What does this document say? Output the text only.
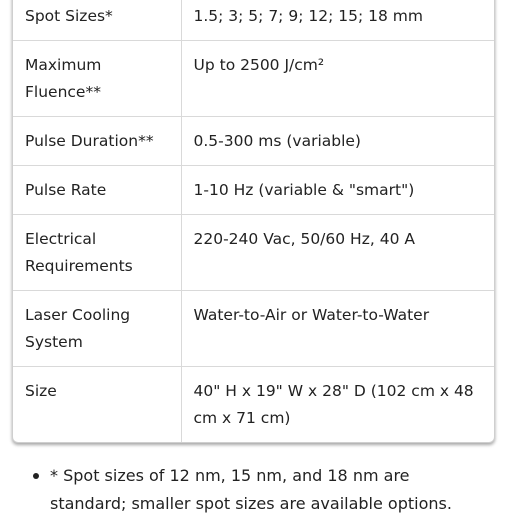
Spot Sizes*	1.5; 3; 5; 7; 9; 12; 15; 18 mm
Maximum Fluence**	Up to 2500 J/cm²
Pulse Duration**	0.5-300 ms (variable)
Pulse Rate	1-10 Hz (variable & "smart")
Electrical Requirements	220-240 Vac, 50/60 Hz, 40 A
Laser Cooling System	Water-to-Air or Water-to-Water
Size	40" H x 19" W x 28" D (102 cm x 48 cm x 71 cm)
* Spot sizes of 12 nm, 15 nm, and 18 nm are standard; smaller spot sizes are available options.
